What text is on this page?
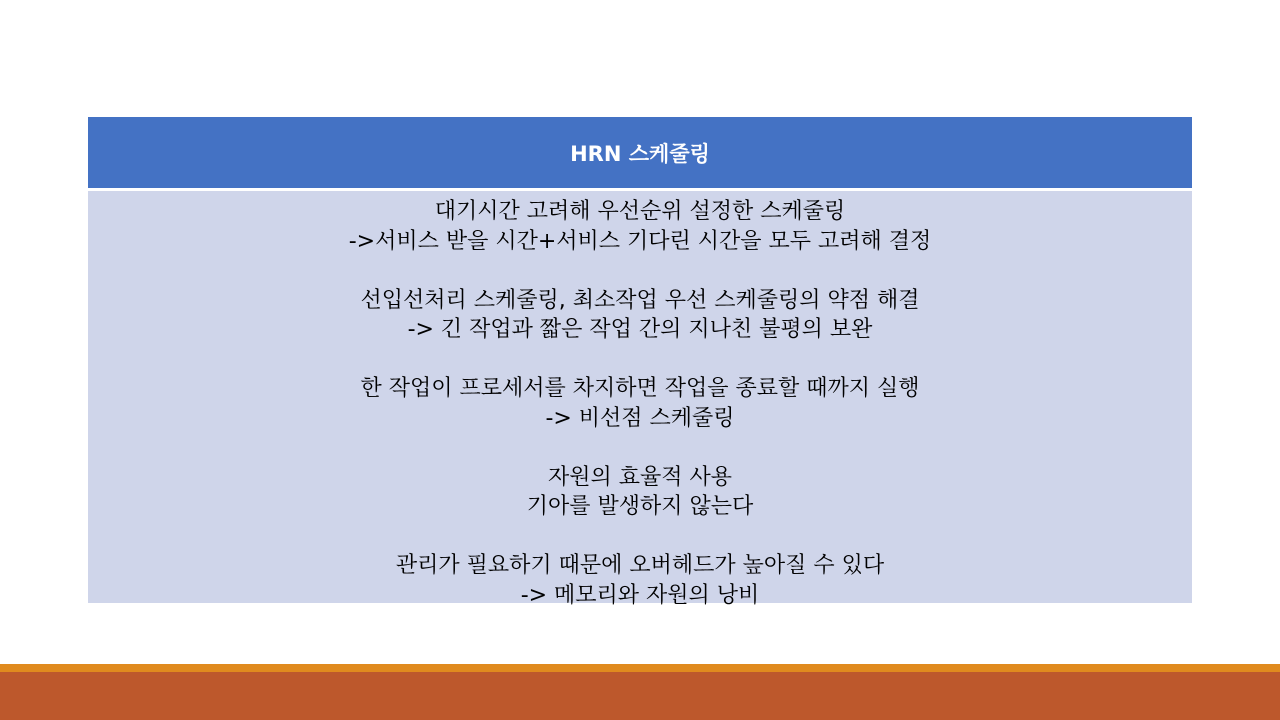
HRN 스케줄링
대기시간 고려해 우선순위 설정한 스케줄링
->서비스 받을 시간+서비스 기다린 시간을 모두 고려해 결정
선입선처리 스케줄링, 최소작업 우선 스케줄링의 약점 해결
-> 긴 작업과 짧은 작업 간의 지나친 불평의 보완
한 작업이 프로세서를 차지하면 작업을 종료할 때까지 실행
-> 비선점 스케줄링
자원의 효율적 사용
기아를 발생하지 않는다
관리가 필요하기 때문에 오버헤드가 높아질 수 있다
-> 메모리와 자원의 낭비
